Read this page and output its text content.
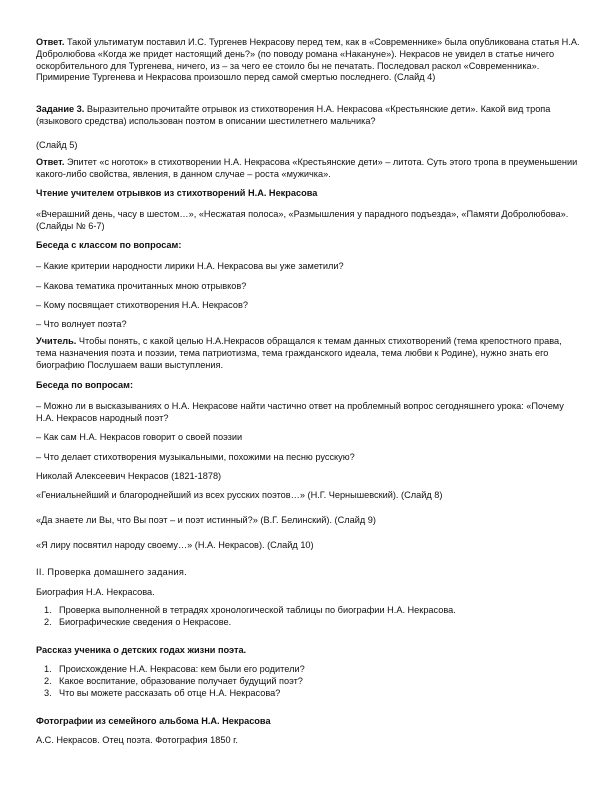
Ответ. Такой ультиматум поставил И.С. Тургенев Некрасову перед тем, как в «Современнике» была опубликована статья Н.А. Добролюбова «Когда же придет настоящий день?» (по поводу романа «Накануне»). Некрасов не увидел в статье ничего оскорбительного для Тургенева, ничего, из – за чего ее стоило бы не печатать. Последовал раскол «Современника». Примирение Тургенева и Некрасова произошло перед самой смертью последнего. (Слайд 4)

Задание 3. Выразительно прочитайте отрывок из стихотворения Н.А. Некрасова «Крестьянские дети». Какой вид тропа (языкового средства) использован поэтом в описании шестилетнего мальчика?

(Слайд 5)

Ответ. Эпитет «с ноготок» в стихотворении Н.А. Некрасова «Крестьянские дети» – литота. Суть этого тропа в преуменьшении какого-либо свойства, явления, в данном случае – роста «мужичка».

Чтение учителем отрывков из стихотворений Н.А. Некрасова

«Вчерашний день, часу в шестом…», «Несжатая полоса», «Размышления у парадного подъезда», «Памяти Добролюбова». (Слайды № 6-7)

Беседа с классом по вопросам:

– Какие критерии народности лирики Н.А. Некрасова вы уже заметили?

– Какова тематика прочитанных мною отрывков?

– Кому посвящает стихотворения Н.А. Некрасов?

– Что волнует поэта?

Учитель. Чтобы понять, с какой целью Н.А.Некрасов обращался к темам данных стихотворений (тема крепостного права, тема назначения поэта и поэзии, тема патриотизма, тема гражданского идеала, тема любви к Родине), нужно знать его биографию Послушаем ваши выступления.

Беседа по вопросам:

– Можно ли в высказываниях о Н.А. Некрасове найти частично ответ на проблемный вопрос сегодняшнего урока: «Почему Н.А. Некрасов народный поэт?

– Как сам Н.А. Некрасов говорит о своей поэзии

– Что делает стихотворения музыкальными, похожими на песню русскую?

Николай Алексеевич Некрасов (1821-1878)

«Гениальнейший и благороднейший из всех русских поэтов…» (Н.Г. Чернышевский). (Слайд 8)

«Да знаете ли Вы, что Вы поэт – и поэт истинный?» (В.Г. Белинский). (Слайд 9)

«Я лиру посвятил народу своему…» (Н.А. Некрасов). (Слайд 10)

II. Проверка домашнего задания.

Биография Н.А. Некрасова.

1. Проверка выполненной в тетрадях хронологической таблицы по биографии Н.А. Некрасова.
2. Биографические сведения о Некрасове.

Рассказ ученика о детских годах жизни поэта.

1. Происхождение Н.А. Некрасова: кем были его родители?
2. Какое воспитание, образование получает будущий поэт?
3. Что вы можете рассказать об отце Н.А. Некрасова?

Фотографии из семейного альбома Н.А. Некрасова

А.С. Некрасов. Отец поэта. Фотография 1850 г.
